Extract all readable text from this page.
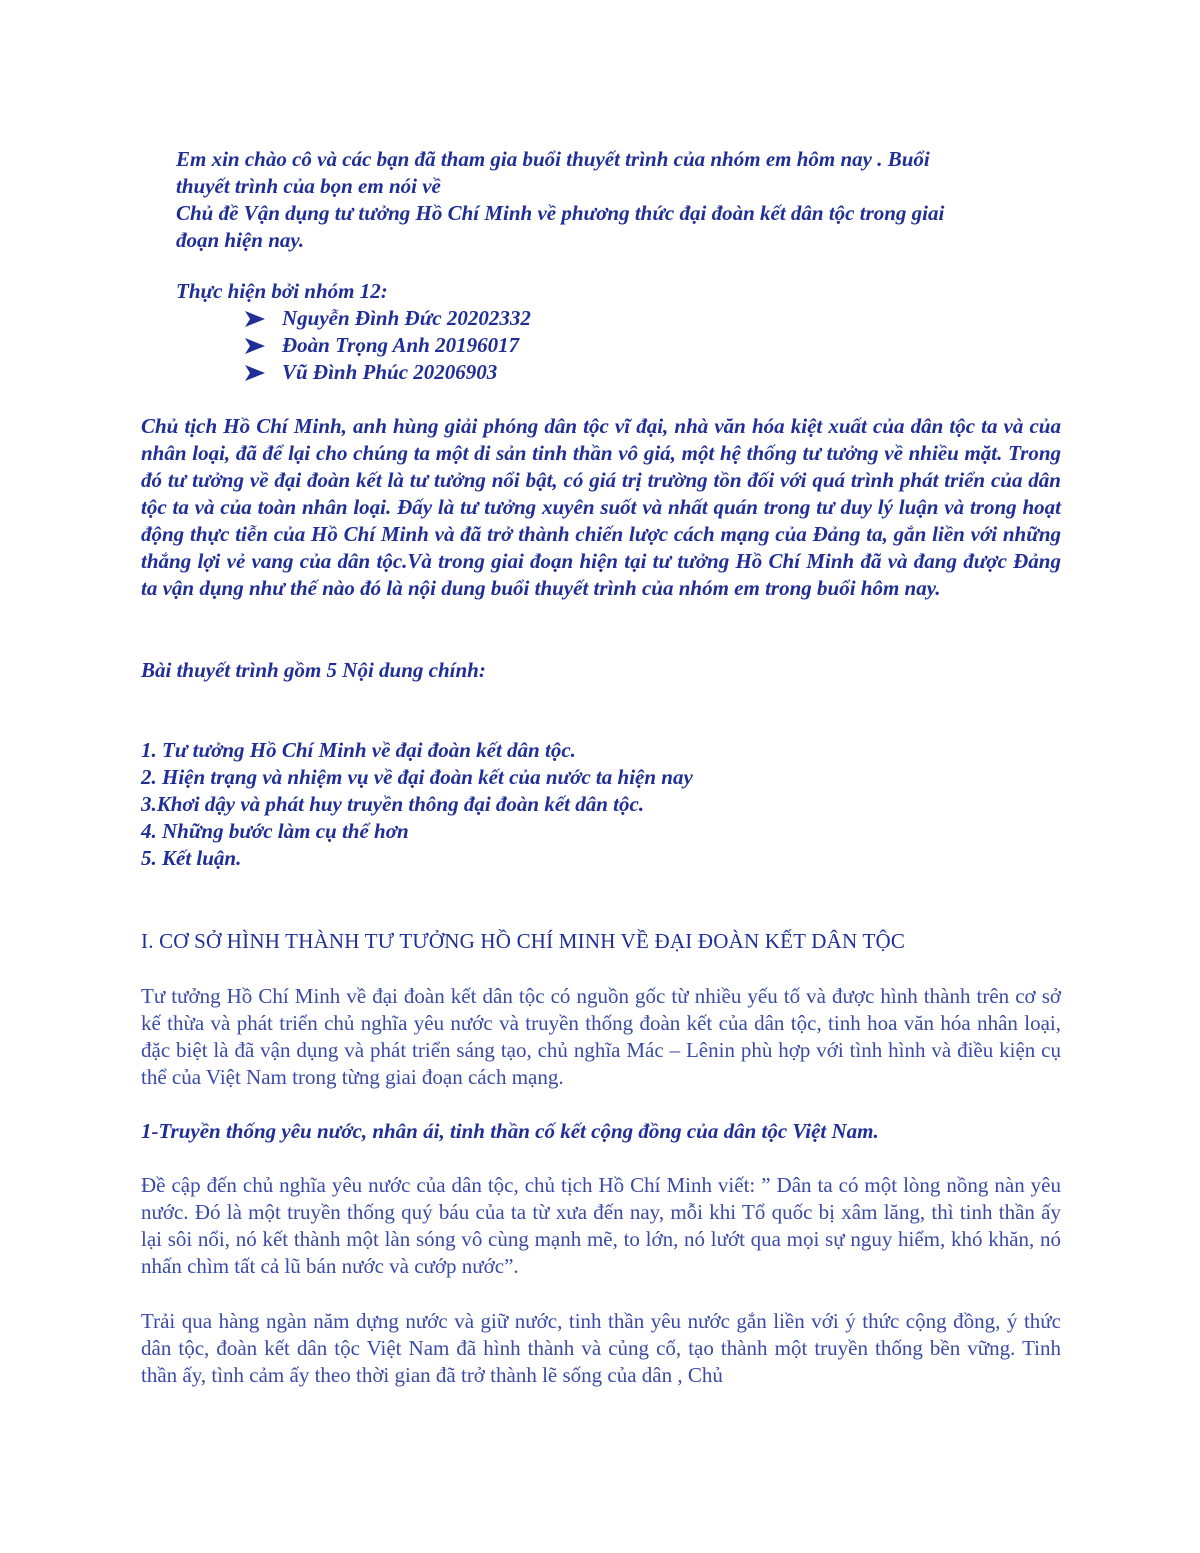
Em xin chào cô và các bạn đã tham gia buổi thuyết trình của nhóm em hôm nay . Buổi
thuyết trình của bọn em nói về
Chủ đề Vận dụng tư tưởng Hồ Chí Minh về phương thức đại đoàn kết dân tộc trong giai
đoạn hiện nay.

Thực hiện bởi nhóm 12:

Nguyễn Đình Đức 20202332
Đoàn Trọng Anh 20196017
Vũ Đình Phúc 20206903

Chủ tịch Hồ Chí Minh, anh hùng giải phóng dân tộc vĩ đại, nhà văn hóa kiệt xuất của dân tộc ta và của nhân loại, đã để lại cho chúng ta một di sản tinh thần vô giá, một hệ thống tư tưởng về nhiều mặt. Trong đó tư tưởng về đại đoàn kết là tư tưởng nổi bật, có giá trị trường tồn đối với quá trình phát triển của dân tộc ta và của toàn nhân loại. Đấy là tư tưởng xuyên suốt và nhất quán trong tư duy lý luận và trong hoạt động thực tiễn của Hồ Chí Minh và đã trở thành chiến lược cách mạng của Đảng ta, gắn liền với những thắng lợi vẻ vang của dân tộc.Và trong giai đoạn hiện tại tư tưởng Hồ Chí Minh đã và đang được Đảng ta vận dụng như thế nào đó là nội dung buổi thuyết trình của nhóm em trong buổi hôm nay.

Bài thuyết trình gồm 5 Nội dung chính:

1. Tư tưởng Hồ Chí Minh về đại đoàn kết dân tộc.
2. Hiện trạng và nhiệm vụ về đại đoàn kết của nước ta hiện nay
3.Khơi dậy và phát huy truyền thông đại đoàn kết dân tộc.
4. Những bước làm cụ thể hơn
5. Kết luận.
I. CƠ SỞ HÌNH THÀNH TƯ TƯỞNG HỒ CHÍ MINH VỀ ĐẠI ĐOÀN KẾT DÂN TỘC

Tư tưởng Hồ Chí Minh về đại đoàn kết dân tộc có nguồn gốc từ nhiều yếu tố và được hình thành trên cơ sở kế thừa và phát triển chủ nghĩa yêu nước và truyền thống đoàn kết của dân tộc, tinh hoa văn hóa nhân loại, đặc biệt là đã vận dụng và phát triển sáng tạo, chủ nghĩa Mác – Lênin phù hợp với tình hình và điều kiện cụ thể của Việt Nam trong từng giai đoạn cách mạng.

1-Truyền thống yêu nước, nhân ái, tinh thần cố kết cộng đồng của dân tộc Việt Nam.

Đề cập đến chủ nghĩa yêu nước của dân tộc, chủ tịch Hồ Chí Minh viết: ” Dân ta có một lòng nồng nàn yêu nước. Đó là một truyền thống quý báu của ta từ xưa đến nay, mỗi khi Tổ quốc bị xâm lăng, thì tinh thần ấy lại sôi nổi, nó kết thành một làn sóng vô cùng mạnh mẽ, to lớn, nó lướt qua mọi sự nguy hiểm, khó khăn, nó nhấn chìm tất cả lũ bán nước và cướp nước”.

Trải qua hàng ngàn năm dựng nước và giữ nước, tinh thần yêu nước gắn liền với ý thức cộng đồng, ý thức dân tộc, đoàn kết dân tộc Việt Nam đã hình thành và củng cố, tạo thành một truyền thống bền vững. Tinh thần ấy, tình cảm ấy theo thời gian đã trở thành lẽ sống của dân , Chủ
